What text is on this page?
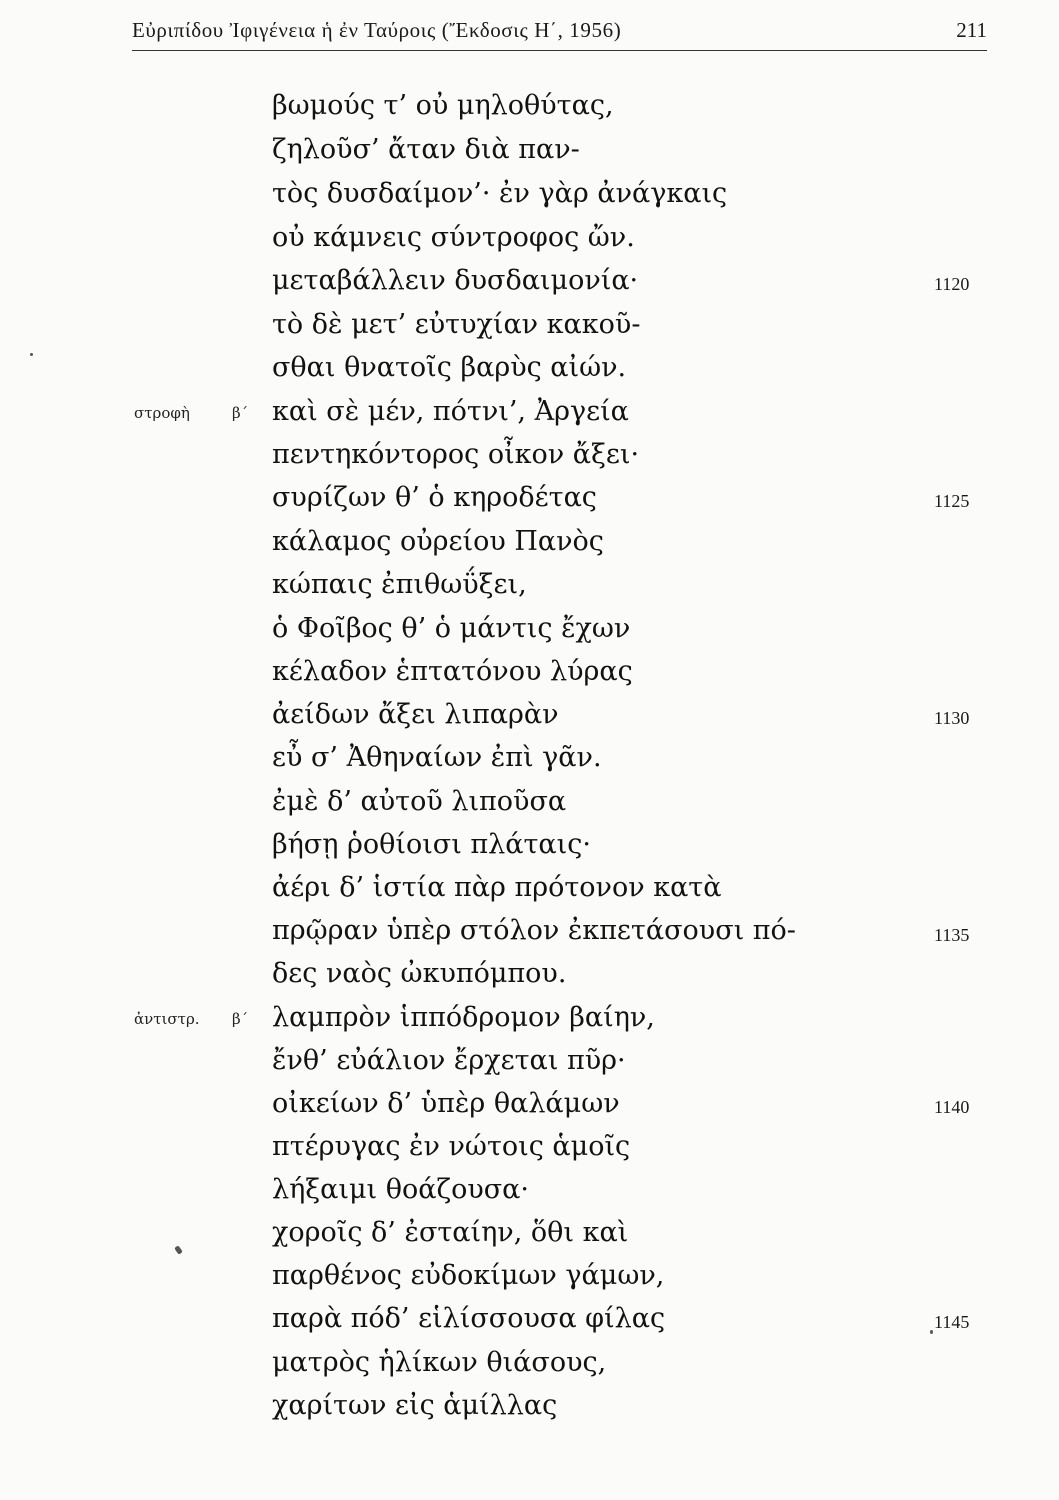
Εὐριπίδου Ἰφιγένεια ἡ ἐν Ταύροις (Ἔκδοσις Η΄, 1956)	211
βωμούς τ’ οὐ μηλοθύτας,
ζηλοῦσ’ ἄταν διὰ παν-
τὸς δυσδαίμον’· ἐν γὰρ ἀνάγκαις
οὐ κάμνεις σύντροφος ὤν.
μεταβάλλειν δυσδαιμονία·
τὸ δὲ μετ’ εὐτυχίαν κακοῦ-
σθαι θνατοῖς βαρὺς αἰών.
καὶ σὲ μέν, πότνι’, Ἀργεία
πεντηκόντορος οἶκον ἄξει·
συρίζων θ’ ὁ κηροδέτας
κάλαμος οὐρείου Πανὸς
κώπαις ἐπιθωΰξει,
ὁ Φοῖβος θ’ ὁ μάντις ἔχων
κέλαδον ἑπτατόνου λύρας
ἀείδων ἄξει λιπαρὰν
εὖ σ’ Ἀθηναίων ἐπὶ γᾶν.
ἐμὲ δ’ αὐτοῦ λιποῦσα
βήσῃ ῥοθίοισι πλάταις·
ἀέρι δ’ ἱστία πὰρ πρότονον κατὰ
πρῷραν ὑπὲρ στόλον ἐκπετάσουσι πό-
δες ναὸς ὠκυπόμπου.
λαμπρὸν ἱππόδρομον βαίην,
ἔνθ’ εὐάλιον ἔρχεται πῦρ·
οἰκείων δ’ ὑπὲρ θαλάμων
πτέρυγας ἐν νώτοις ἁμοῖς
λήξαιμι θοάζουσα·
χοροῖς δ’ ἐσταίην, ὅθι καὶ
παρθένος εὐδοκίμων γάμων,
παρὰ πόδ’ εἱλίσσουσα φίλας
ματρὸς ἡλίκων θιάσους,
χαρίτων εἰς ἁμίλλας
στροφὴ	β΄
ἀντιστρ. β΄
1120
1125
1130
1135
1140
1145
